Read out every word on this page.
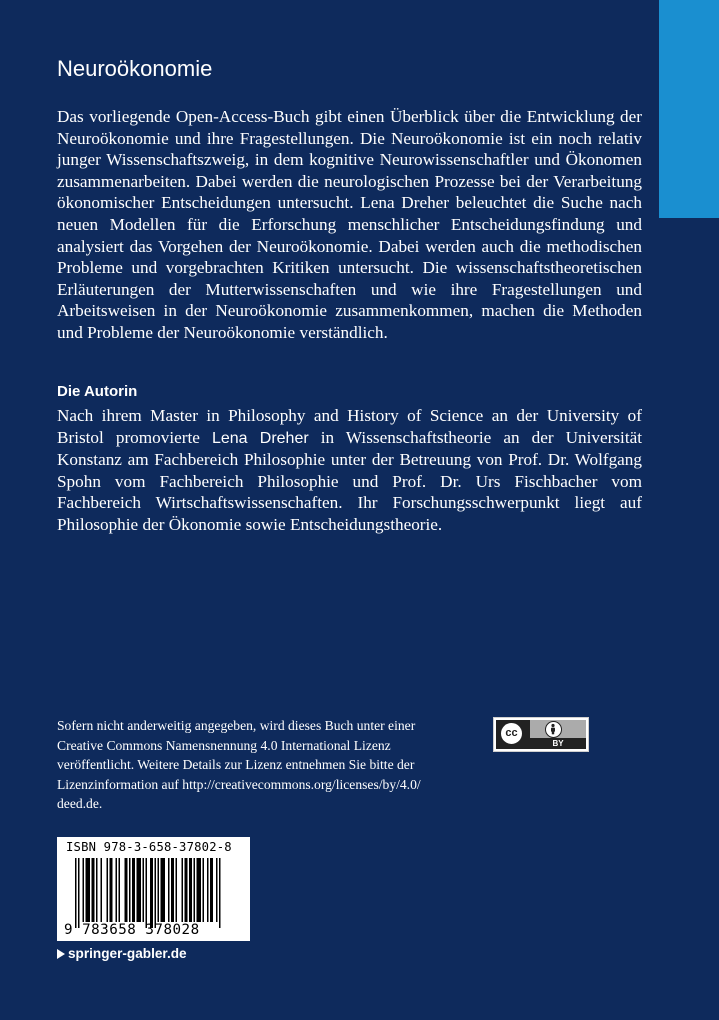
Neuroökonomie

Das vorliegende Open-Access-Buch gibt einen Überblick über die Entwicklung der Neuroökonomie und ihre Fragestellungen. Die Neuroökonomie ist ein noch relativ junger Wissenschaftszweig, in dem kognitive Neurowissenschaftler und Ökonomen zusammenarbeiten. Dabei werden die neurologischen Prozesse bei der Verarbeitung ökonomischer Entscheidungen untersucht. Lena Dreher beleuchtet die Suche nach neuen Modellen für die Erforschung menschlicher Entscheidungsfindung und analysiert das Vorgehen der Neuroökonomie. Dabei werden auch die methodischen Probleme und vorgebrachten Kritiken untersucht. Die wissenschaftstheoretischen Erläuterungen der Mutterwissenschaften und wie ihre Fragestellungen und Arbeitsweisen in der Neuroökonomie zusammenkommen, machen die Methoden und Probleme der Neuroökonomie verständlich.

Die Autorin

Nach ihrem Master in Philosophy and History of Science an der University of Bristol promovierte Lena Dreher in Wissenschaftstheorie an der Universität Konstanz am Fachbereich Philosophie unter der Betreuung von Prof. Dr. Wolfgang Spohn vom Fachbereich Philosophie und Prof. Dr. Urs Fischbacher vom Fachbereich Wirtschaftswissenschaften. Ihr Forschungsschwerpunkt liegt auf Philosophie der Ökonomie sowie Entscheidungstheorie.

Sofern nicht anderweitig angegeben, wird dieses Buch unter einer
Creative Commons Namensnennung 4.0 International Lizenz
veröffentlicht. Weitere Details zur Lizenz entnehmen Sie bitte der
Lizenzinformation auf http://creativecommons.org/licenses/by/4.0/
deed.de.
cc
BY
ISBN 978-3-658-37802-8
9 783658 378028
springer-gabler.de
